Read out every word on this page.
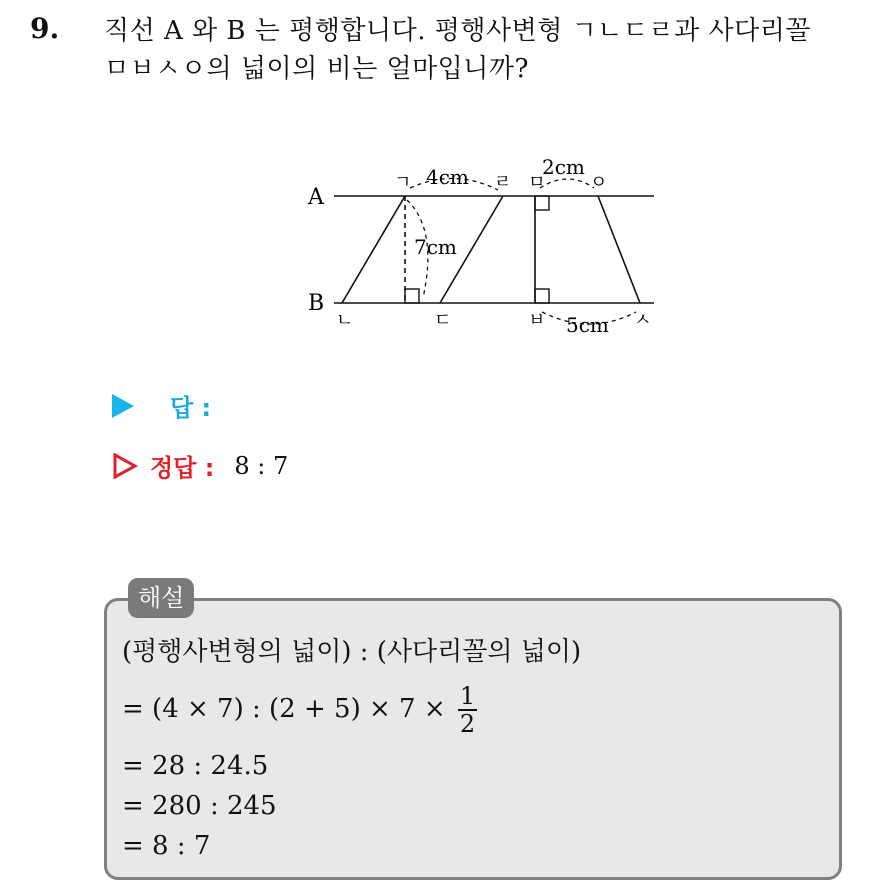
9. 직선 A 와 B 는 평행합니다. 평행사변형 ㄱㄴㄷㄹ과 사다리꼴
ㅁㅂㅅㅇ의 넓이의 비는 얼마입니까?
A
B
4cm
7cm
2cm
5cm
ㄱ	ㄹ ㅁ ㅇ
ㄴ	ㄷ	ㅂ	ㅅ
답 :
정답 : 8 : 7
해설
(평행사변형의 넓이) : (사다리꼴의 넓이)
= (4 × 7) : $(2 + 5) \times 7 \times \frac{1}{2}$
= 28 : 24.5
= 280 : 245
= 8 : 7
